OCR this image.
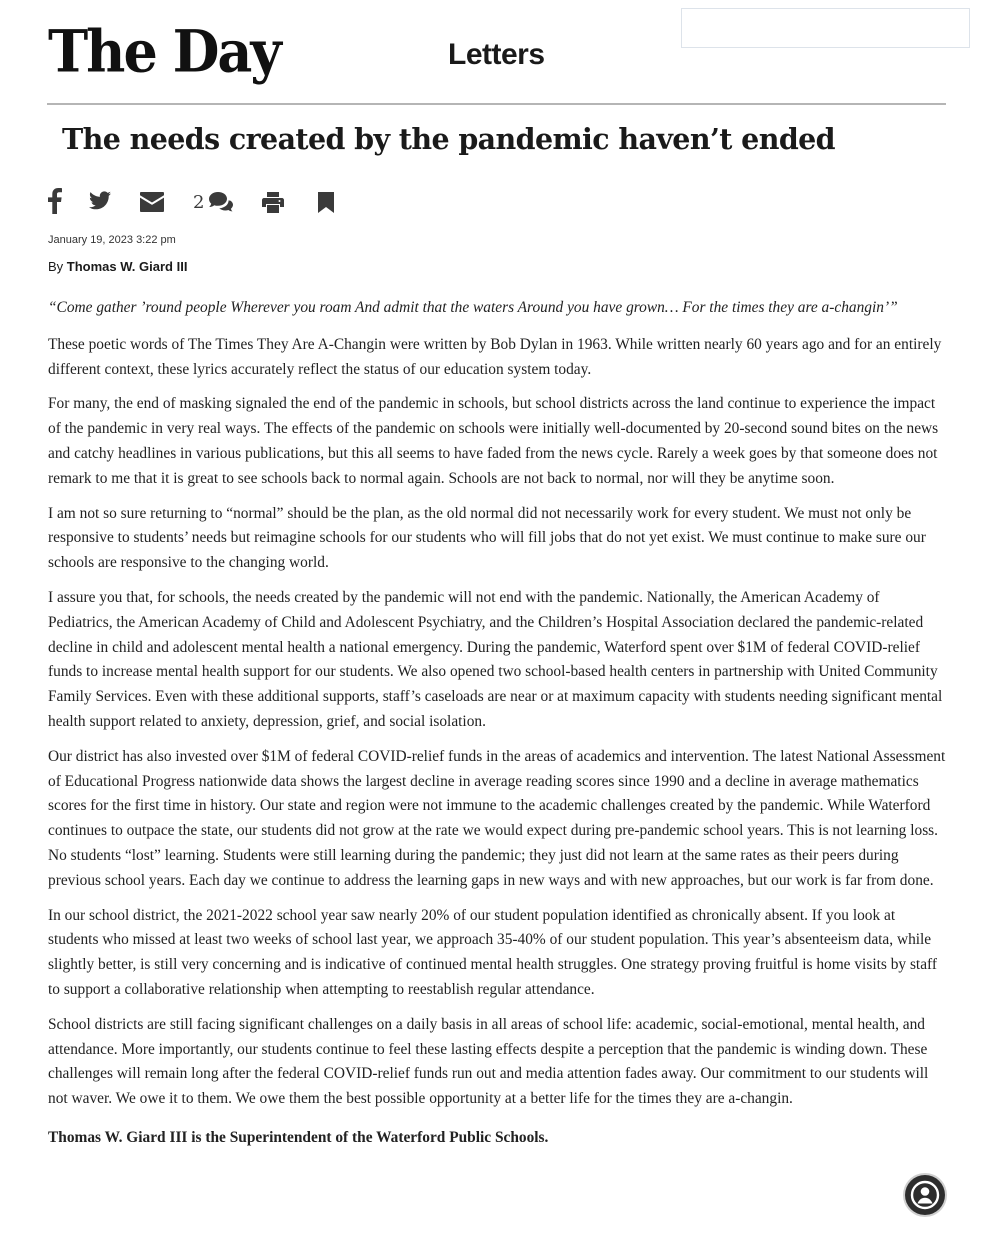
The Day	Letters
The needs created by the pandemic haven’t ended
2
January 19, 2023 3:22 pm
By Thomas W. Giard III

“Come gather ’round people Wherever you roam And admit that the waters Around you have grown… For the times they are a-changin’”

These poetic words of The Times They Are A-Changin were written by Bob Dylan in 1963. While written nearly 60 years ago and for an entirely different context, these lyrics accurately reflect the status of our education system today.

For many, the end of masking signaled the end of the pandemic in schools, but school districts across the land continue to experience the impact of the pandemic in very real ways. The effects of the pandemic on schools were initially well-documented by 20-second sound bites on the news and catchy headlines in various publications, but this all seems to have faded from the news cycle. Rarely a week goes by that someone does not remark to me that it is great to see schools back to normal again. Schools are not back to normal, nor will they be anytime soon.

I am not so sure returning to “normal” should be the plan, as the old normal did not necessarily work for every student. We must not only be responsive to students’ needs but reimagine schools for our students who will fill jobs that do not yet exist. We must continue to make sure our schools are responsive to the changing world.

I assure you that, for schools, the needs created by the pandemic will not end with the pandemic. Nationally, the American Academy of Pediatrics, the American Academy of Child and Adolescent Psychiatry, and the Children’s Hospital Association declared the pandemic-related decline in child and adolescent mental health a national emergency. During the pandemic, Waterford spent over $1M of federal COVID-relief funds to increase mental health support for our students. We also opened two school-based health centers in partnership with United Community Family Services. Even with these additional supports, staff’s caseloads are near or at maximum capacity with students needing significant mental health support related to anxiety, depression, grief, and social isolation.

Our district has also invested over $1M of federal COVID-relief funds in the areas of academics and intervention. The latest National Assessment of Educational Progress nationwide data shows the largest decline in average reading scores since 1990 and a decline in average mathematics scores for the first time in history. Our state and region were not immune to the academic challenges created by the pandemic. While Waterford continues to outpace the state, our students did not grow at the rate we would expect during pre-pandemic school years. This is not learning loss. No students “lost” learning. Students were still learning during the pandemic; they just did not learn at the same rates as their peers during previous school years. Each day we continue to address the learning gaps in new ways and with new approaches, but our work is far from done.

In our school district, the 2021-2022 school year saw nearly 20% of our student population identified as chronically absent. If you look at students who missed at least two weeks of school last year, we approach 35-40% of our student population. This year’s absenteeism data, while slightly better, is still very concerning and is indicative of continued mental health struggles. One strategy proving fruitful is home visits by staff to support a collaborative relationship when attempting to reestablish regular attendance.

School districts are still facing significant challenges on a daily basis in all areas of school life: academic, social-emotional, mental health, and attendance. More importantly, our students continue to feel these lasting effects despite a perception that the pandemic is winding down. These challenges will remain long after the federal COVID-relief funds run out and media attention fades away. Our commitment to our students will not waver. We owe it to them. We owe them the best possible opportunity at a better life for the times they are a-changin.

Thomas W. Giard III is the Superintendent of the Waterford Public Schools.
